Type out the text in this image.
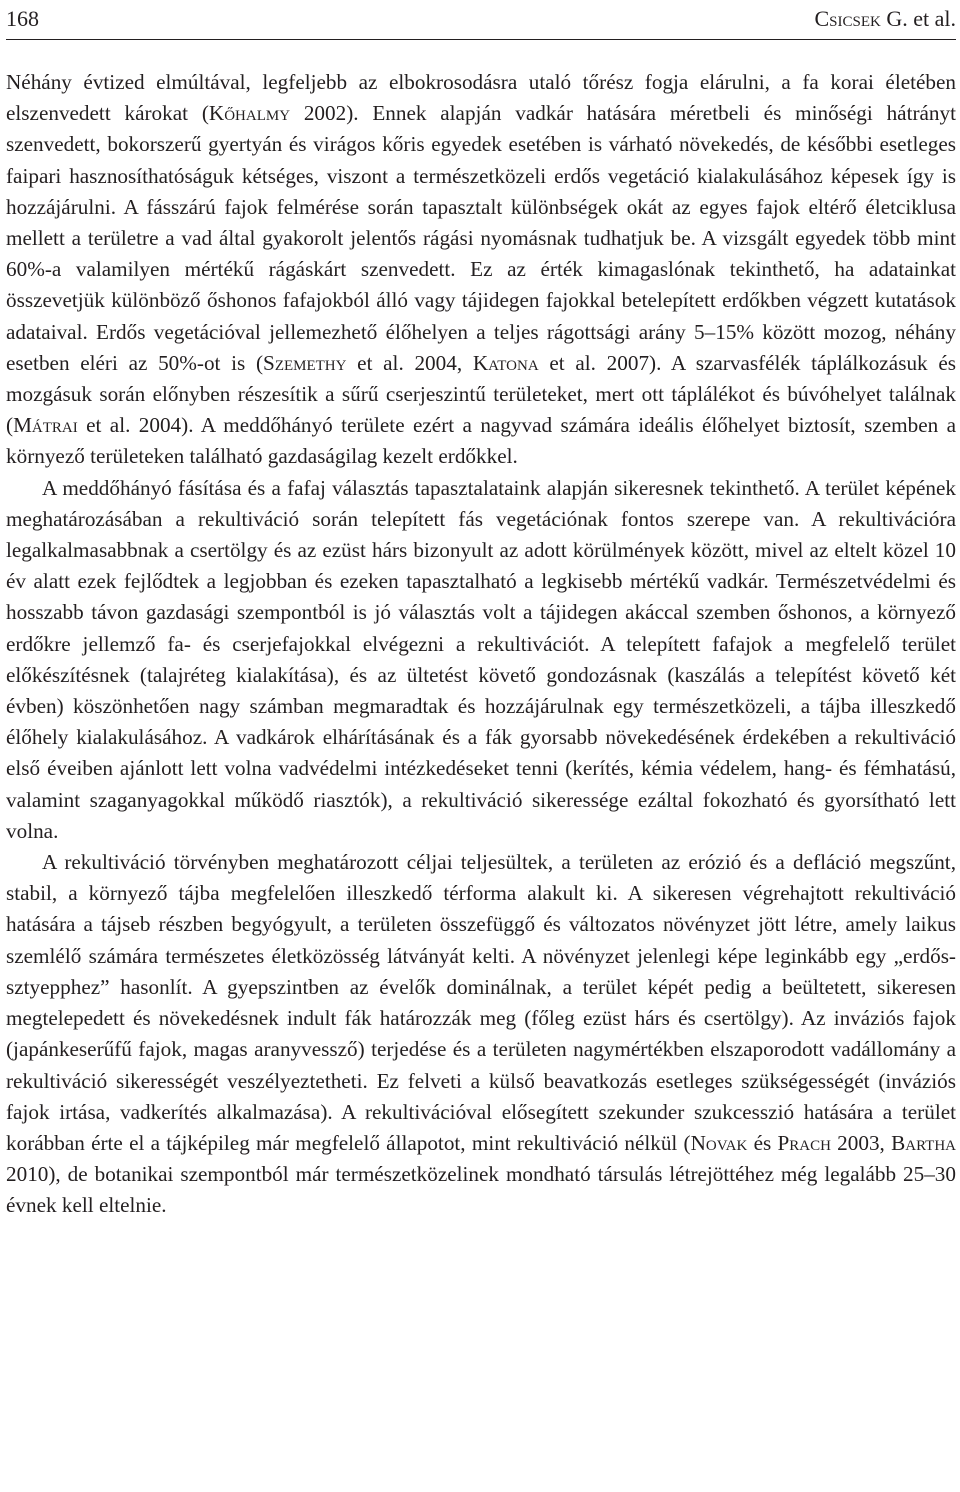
168	Csicsek G. et al.

Néhány évtized elmúltával, legfeljebb az elbokrosodásra utaló tőrész fogja elárulni, a fa korai életében elszenvedett károkat (Kőhalmy 2002). Ennek alapján vadkár hatására méretbeli és minőségi hátrányt szenvedett, bokorszerű gyertyán és virágos kőris egyedek esetében is várható növekedés, de későbbi esetleges faipari hasznosíthatóságuk kétséges, viszont a természetközeli erdős vegetáció kialakulásához képesek így is hozzájárulni. A fásszárú fajok felmérése során tapasztalt különbségek okát az egyes fajok eltérő életciklusa mellett a területre a vad által gyakorolt jelentős rágási nyomásnak tudhatjuk be. A vizsgált egyedek több mint 60%-a valamilyen mértékű rágáskárt szenvedett. Ez az érték kimagaslónak tekinthető, ha adatainkat összevetjük különböző őshonos fafajokból álló vagy tájidegen fajokkal betelepített erdőkben végzett kutatások adataival. Erdős vegetációval jellemezhető élőhelyen a teljes rágottsági arány 5–15% között mozog, néhány esetben eléri az 50%-ot is (Szemethy et al. 2004, Katona et al. 2007). A szarvasfélék táplálkozásuk és mozgásuk során előnyben részesítik a sűrű cserjeszintű területeket, mert ott táplálékot és búvóhelyet találnak (Mátrai et al. 2004). A meddőhányó területe ezért a nagyvad számára ideális élőhelyet biztosít, szemben a környező területeken található gazdaságilag kezelt erdőkkel.

A meddőhányó fásítása és a fafaj választás tapasztalataink alapján sikeresnek tekinthető. A terület képének meghatározásában a rekultiváció során telepített fás vegetációnak fontos szerepe van. A rekultivációra legalkalmasabbnak a csertölgy és az ezüst hárs bizonyult az adott körülmények között, mivel az eltelt közel 10 év alatt ezek fejlődtek a legjobban és ezeken tapasztalható a legkisebb mértékű vadkár. Természetvédelmi és hosszabb távon gazdasági szempontból is jó választás volt a tájidegen akáccal szemben őshonos, a környező erdőkre jellemző fa- és cserjefajokkal elvégezni a rekultivációt. A telepített fafajok a megfelelő terület előkészítésnek (talajréteg kialakítása), és az ültetést követő gondozásnak (kaszálás a telepítést követő két évben) köszönhetően nagy számban megmaradtak és hozzájárulnak egy természetközeli, a tájba illeszkedő élőhely kialakulásához. A vadkárok elhárításának és a fák gyorsabb növekedésének érdekében a rekultiváció első éveiben ajánlott lett volna vadvédelmi intézkedéseket tenni (kerítés, kémia védelem, hang- és fémhatású, valamint szaganyagokkal működő riasztók), a rekultiváció sikeressége ezáltal fokozható és gyorsítható lett volna.

A rekultiváció törvényben meghatározott céljai teljesültek, a területen az erózió és a defláció megszűnt, stabil, a környező tájba megfelelően illeszkedő térforma alakult ki. A sikeresen végrehajtott rekultiváció hatására a tájseb részben begyógyult, a területen összefüggő és változatos növényzet jött létre, amely laikus szemlélő számára természetes életközösség látványát kelti. A növényzet jelenlegi képe leginkább egy „erdős-sztyepphez” hasonlít. A gyepszintben az évelők dominálnak, a terület képét pedig a beültetett, sikeresen megtelepedett és növekedésnek indult fák határozzák meg (főleg ezüst hárs és csertölgy). Az inváziós fajok (japánkeserűfű fajok, magas aranyvessző) terjedése és a területen nagymértékben elszaporodott vadállomány a rekultiváció sikerességét veszélyeztetheti. Ez felveti a külső beavatkozás esetleges szükségességét (inváziós fajok irtása, vadkerítés alkalmazása). A rekultivációval elősegített szekunder szukcesszió hatására a terület korábban érte el a tájképileg már megfelelő állapotot, mint rekultiváció nélkül (Novak és Prach 2003, Bartha 2010), de botanikai szempontból már természetközelinek mondható társulás létrejöttéhez még legalább 25–30 évnek kell eltelnie.
